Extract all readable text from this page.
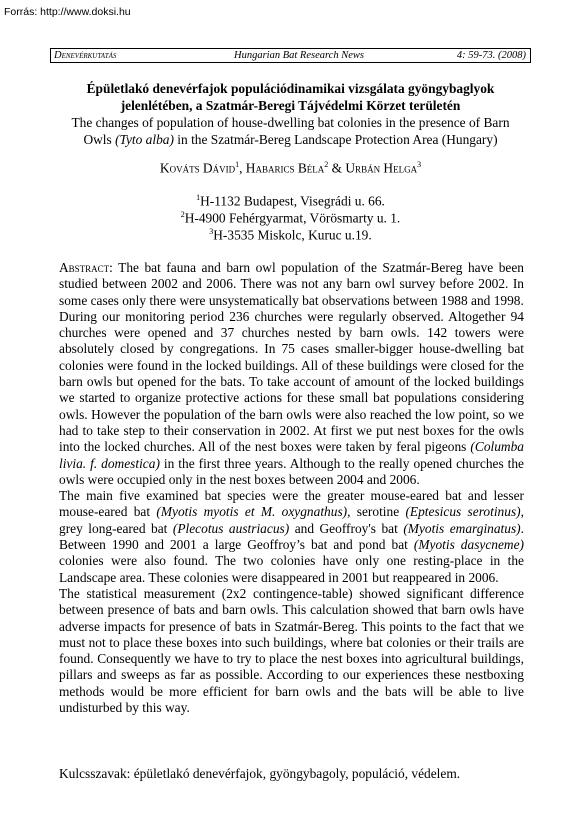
Forrás: http://www.doksi.hu
Denevérkutatás	Hungarian Bat Research News	4: 59-73. (2008)
Épületlakó denevérfajok populációdinamikai vizsgálata gyöngybaglyok
jelenlétében, a Szatmár-Beregi Tájvédelmi Körzet területén
The changes of population of house-dwelling bat colonies in the presence of Barn
Owls (Tyto alba) in the Szatmár-Bereg Landscape Protection Area (Hungary)
Kováts Dávid$^1$, Habarics Béla$^2$ & Urbán Helga$^3$
$^1$H-1132 Budapest, Visegrádi u. 66.
$^2$H-4900 Fehérgyarmat, Vörösmarty u. 1.
$^3$H-3535 Miskolc, Kuruc u.19.

Abstract: The bat fauna and barn owl population of the Szatmár-Bereg have been studied between 2002 and 2006. There was not any barn owl survey before 2002. In some cases only there were unsystematically bat observations between 1988 and 1998.

During our monitoring period 236 churches were regularly observed. Altogether 94 churches were opened and 37 churches nested by barn owls. 142 towers were absolutely closed by congregations. In 75 cases smaller-bigger house-dwelling bat colonies were found in the locked buildings. All of these buildings were closed for the barn owls but opened for the bats. To take account of amount of the locked buildings we started to organize protective actions for these small bat populations considering owls. However the population of the barn owls were also reached the low point, so we had to take step to their conservation in 2002. At first we put nest boxes for the owls into the locked churches. All of the nest boxes were taken by feral pigeons (Columba livia. f. domestica) in the first three years. Although to the really opened churches the owls were occupied only in the nest boxes between 2004 and 2006.

The main five examined bat species were the greater mouse-eared bat and lesser mouse-eared bat (Myotis myotis et M. oxygnathus), serotine (Eptesicus serotinus), grey long-eared bat (Plecotus austriacus) and Geoffroy's bat (Myotis emarginatus). Between 1990 and 2001 a large Geoffroy’s bat and pond bat (Myotis dasycneme) colonies were also found. The two colonies have only one resting-place in the Landscape area. These colonies were disappeared in 2001 but reappeared in 2006.

The statistical measurement (2x2 contingence-table) showed significant difference between presence of bats and barn owls. This calculation showed that barn owls have adverse impacts for presence of bats in Szatmár-Bereg. This points to the fact that we must not to place these boxes into such buildings, where bat colonies or their trails are found. Consequently we have to try to place the nest boxes into agricultural buildings, pillars and sweeps as far as possible. According to our experiences these nestboxing methods would be more efficient for barn owls and the bats will be able to live undisturbed by this way.

Kulcsszavak: épületlakó denevérfajok, gyöngybagoly, populáció, védelem.
